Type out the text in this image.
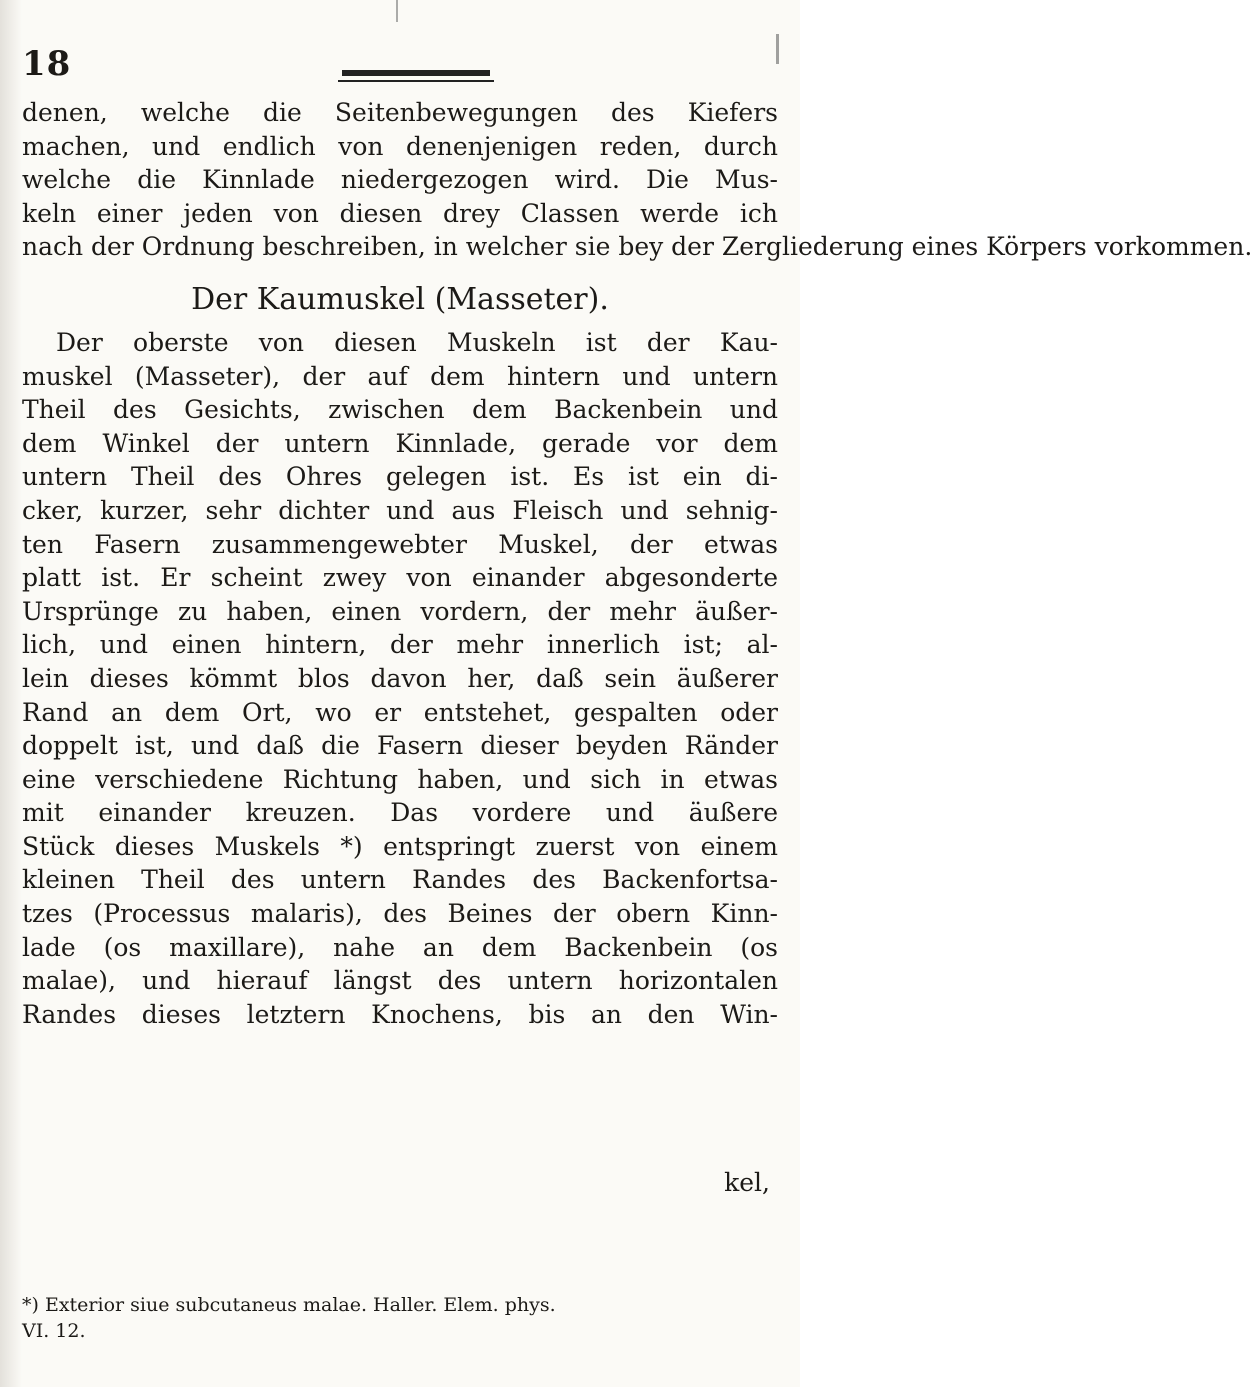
18
denen, welche die Seitenbewegungen des Kiefers
machen, und endlich von denenjenigen reden, durch
welche die Kinnlade niedergezogen wird. Die Mus-
keln einer jeden von diesen drey Classen werde ich
nach der Ordnung beschreiben, in welcher sie bey der Zergliederung eines Körpers vorkommen.
Der Kaumuskel (Masseter).
Der oberste von diesen Muskeln ist der Kau-
muskel (Masseter), der auf dem hintern und untern
Theil des Gesichts, zwischen dem Backenbein und
dem Winkel der untern Kinnlade, gerade vor dem
untern Theil des Ohres gelegen ist. Es ist ein di-
cker, kurzer, sehr dichter und aus Fleisch und sehnig-
ten Fasern zusammengewebter Muskel, der etwas
platt ist. Er scheint zwey von einander abgesonderte
Ursprünge zu haben, einen vordern, der mehr äußer-
lich, und einen hintern, der mehr innerlich ist; al-
lein dieses kömmt blos davon her, daß sein äußerer
Rand an dem Ort, wo er entstehet, gespalten oder
doppelt ist, und daß die Fasern dieser beyden Ränder
eine verschiedene Richtung haben, und sich in etwas
mit einander kreuzen. Das vordere und äußere
Stück dieses Muskels *) entspringt zuerst von einem
kleinen Theil des untern Randes des Backenfortsa-
tzes (Processus malaris), des Beines der obern Kinn-
lade (os maxillare), nahe an dem Backenbein (os
malae), und hierauf längst des untern horizontalen
Randes dieses letztern Knochens, bis an den Win-
kel,
*) Exterior siue subcutaneus malae. Haller. Elem. phys.
VI. 12.
